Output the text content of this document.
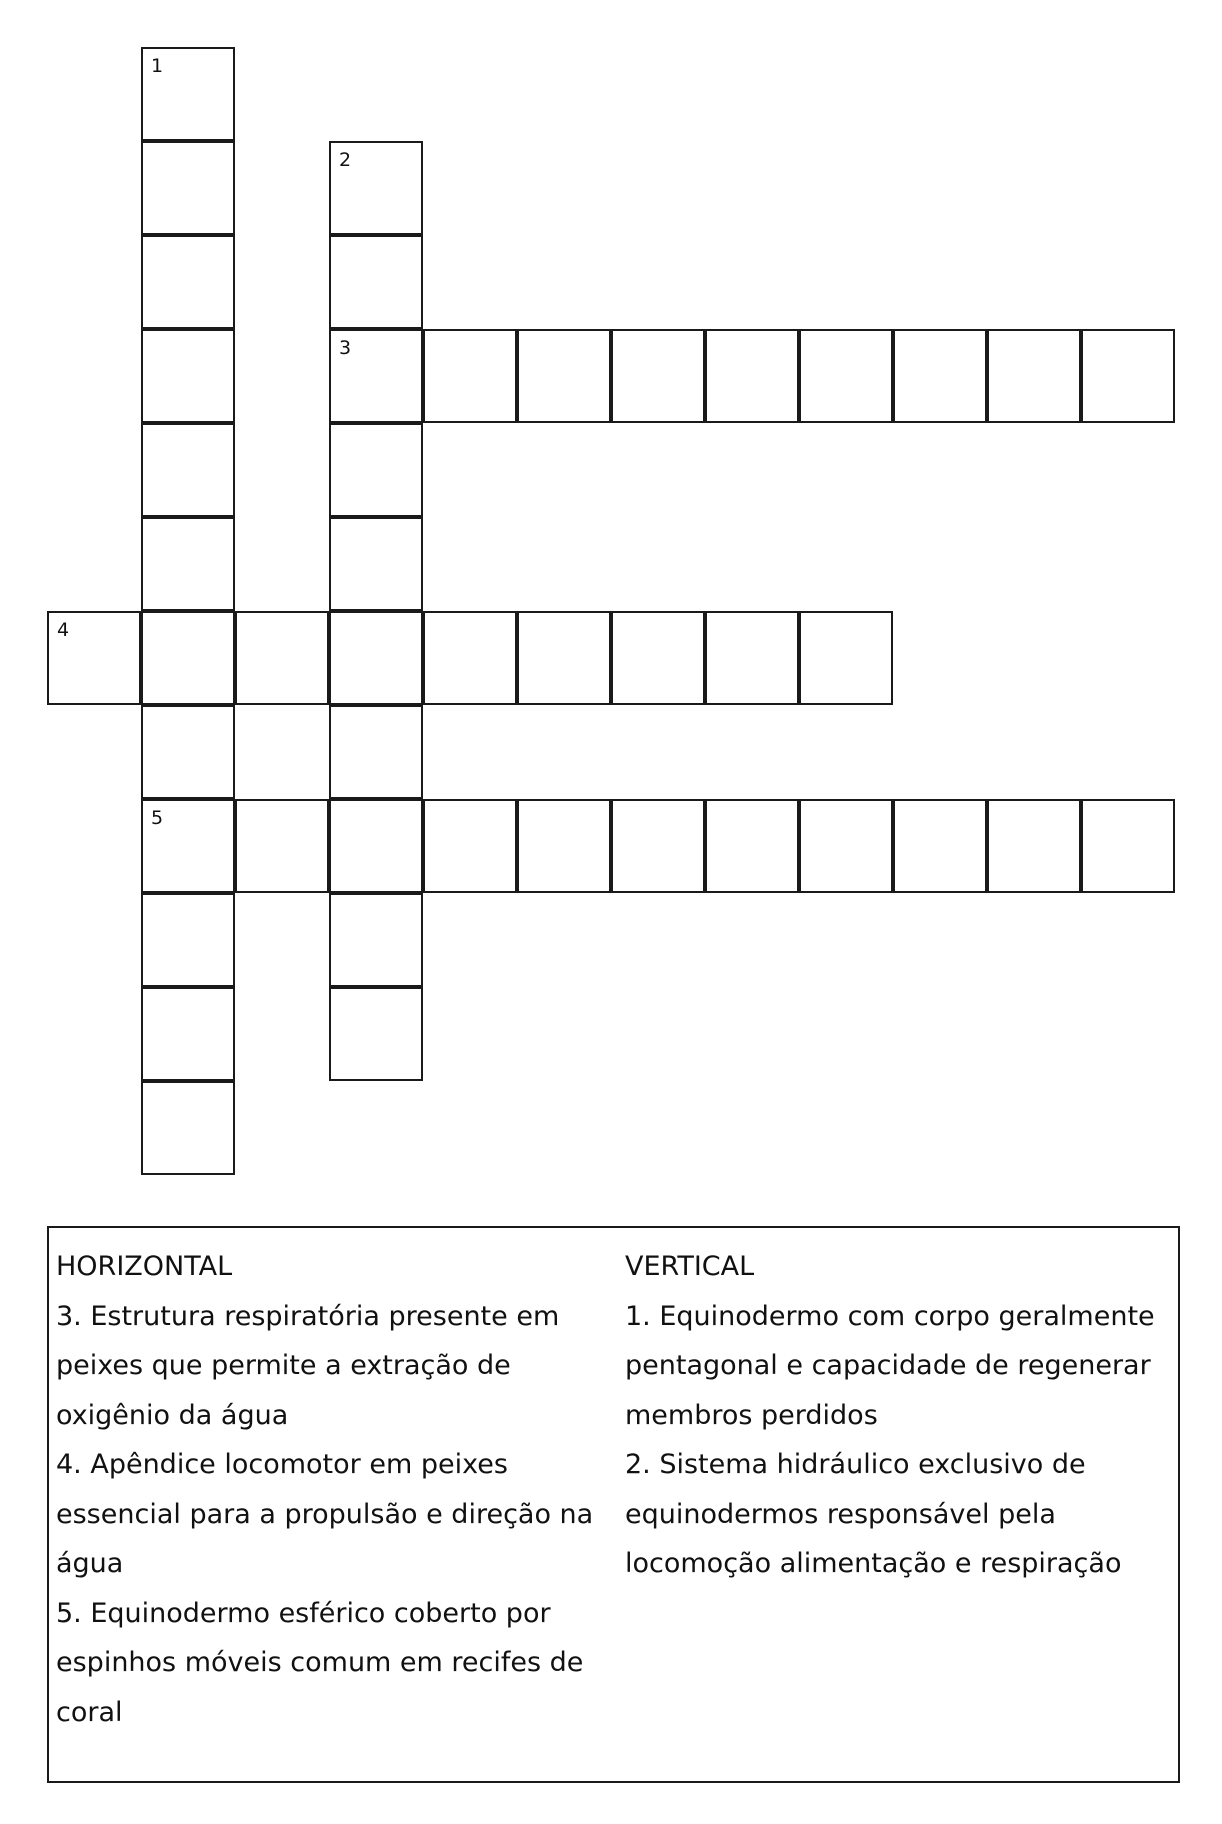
1
5
2
3
4

HORIZONTAL

3. Estrutura respiratória presente em peixes que permite a extração de oxigênio da água

4. Apêndice locomotor em peixes essencial para a propulsão e direção na água

5. Equinodermo esférico coberto por espinhos móveis comum em recifes de coral

VERTICAL

1. Equinodermo com corpo geralmente pentagonal e capacidade de regenerar membros perdidos

2. Sistema hidráulico exclusivo de equinodermos responsável pela locomoção alimentação e respiração
